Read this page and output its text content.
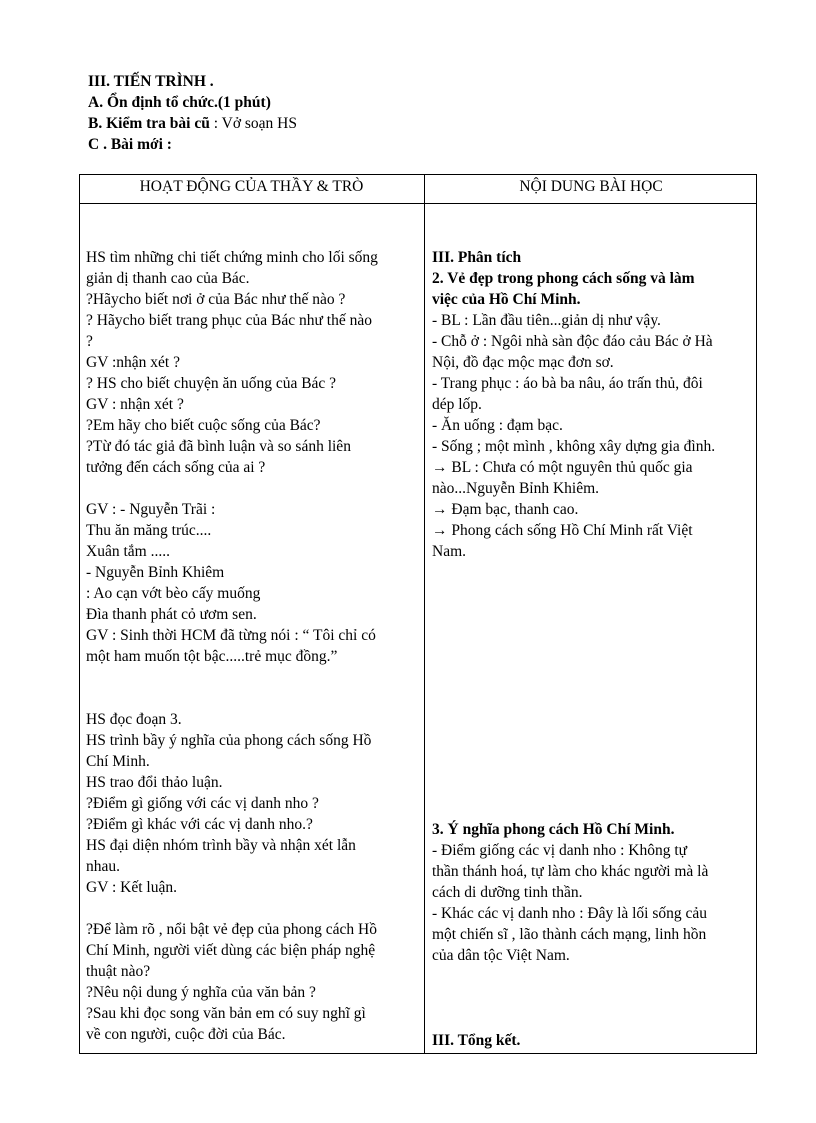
III. TIẾN TRÌNH .
A. Ổn định tổ chức.(1 phút)
B. Kiểm tra bài cũ : Vở soạn HS
C . Bài mới :
HOẠT ĐỘNG CỦA THẦY & TRÒ	NỘI DUNG BÀI HỌC
HS tìm những chi tiết chứng minh cho lối sống
giản dị thanh cao của Bác.
?Hãycho biết nơi ở của Bác như thế nào ?
? Hãycho biết trang phục của Bác như thế nào
?
GV :nhận xét ?
? HS cho biết chuyện ăn uống của Bác ?
GV : nhận xét ?
?Em hãy cho biết cuộc sống của Bác?
?Từ đó tác giả đã bình luận và so sánh liên
tưởng đến cách sống của ai ?
GV : - Nguyễn Trãi :
Thu ăn măng trúc....
Xuân tắm .....
- Nguyễn Bỉnh Khiêm
: Ao cạn vớt bèo cấy muống
Đìa thanh phát cỏ ươm sen.
GV : Sinh thời HCM đã từng nói : “ Tôi chỉ có
một ham muốn tột bậc.....trẻ mục đồng.”
HS đọc đoạn 3.
HS trình bầy ý nghĩa của phong cách sống Hồ
Chí Minh.
HS trao đổi thảo luận.
?Điểm gì giống với các vị danh nho ?
?Điểm gì khác với các vị danh nho.?
HS đại diện nhóm trình bầy và nhận xét lẫn
nhau.
GV : Kết luận.
?Để làm rõ , nổi bật vẻ đẹp của phong cách Hồ
Chí Minh, người viết dùng các biện pháp nghệ
thuật nào?
?Nêu nội dung ý nghĩa của văn bản ?
?Sau khi đọc song văn bản em có suy nghĩ gì
về con người, cuộc đời của Bác.
III. Phân tích
2. Vẻ đẹp trong phong cách sống và làm
việc của Hồ Chí Minh.
- BL : Lần đầu tiên...giản dị như vậy.
- Chỗ ở : Ngôi nhà sàn độc đáo cảu Bác ở Hà
Nội, đồ đạc mộc mạc đơn sơ.
- Trang phục : áo bà ba nâu, áo trấn thủ, đôi
dép lốp.
- Ăn uống : đạm bạc.
- Sống ; một mình , không xây dựng gia đình.
→ BL : Chưa có một nguyên thủ quốc gia
nào...Nguyễn Bỉnh Khiêm.
→ Đạm bạc, thanh cao.
→ Phong cách sống Hồ Chí Minh rất Việt
Nam.
3. Ý nghĩa phong cách Hồ Chí Minh.
- Điểm giống các vị danh nho : Không tự
thần thánh hoá, tự làm cho khác người mà là
cách di dưỡng tinh thần.
- Khác các vị danh nho : Đây là lối sống cảu
một chiến sĩ , lão thành cách mạng, linh hồn
của dân tộc Việt Nam.
III. Tổng kết.
